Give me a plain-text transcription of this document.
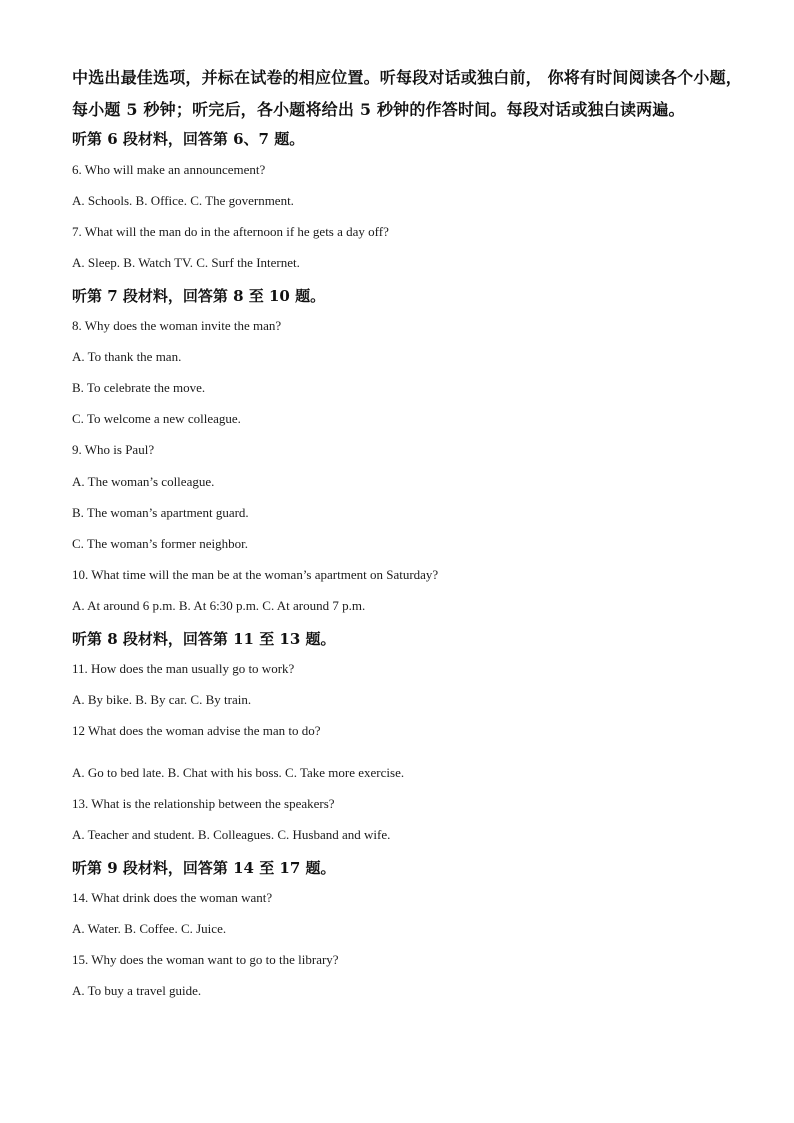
中选出最佳选项，并标在试卷的相应位置。听每段对话或独白前， 你将有时间阅读各个小题，每小题 5 秒钟；听完后，各小题将给出 5 秒钟的作答时间。每段对话或独白读两遍。
听第 6 段材料，回答第 6、7 题。
6. Who will make an announcement?
A. Schools. B. Office. C. The government.
7. What will the man do in the afternoon if he gets a day off?
A. Sleep. B. Watch TV. C. Surf the Internet.
听第 7 段材料，回答第 8 至 10 题。
8. Why does the woman invite the man?
A. To thank the man.
B. To celebrate the move.
C. To welcome a new colleague.
9. Who is Paul?
A. The woman’s colleague.
B. The woman’s apartment guard.
C. The woman’s former neighbor.
10. What time will the man be at the woman’s apartment on Saturday?
A. At around 6 p.m. B. At 6:30 p.m. C. At around 7 p.m.
听第 8 段材料，回答第 11 至 13 题。
11. How does the man usually go to work?
A. By bike. B. By car. C. By train.
12 What does the woman advise the man to do?
A. Go to bed late. B. Chat with his boss. C. Take more exercise.
13. What is the relationship between the speakers?
A. Teacher and student. B. Colleagues. C. Husband and wife.
听第 9 段材料，回答第 14 至 17 题。
14. What drink does the woman want?
A. Water. B. Coffee. C. Juice.
15. Why does the woman want to go to the library?
A. To buy a travel guide.
